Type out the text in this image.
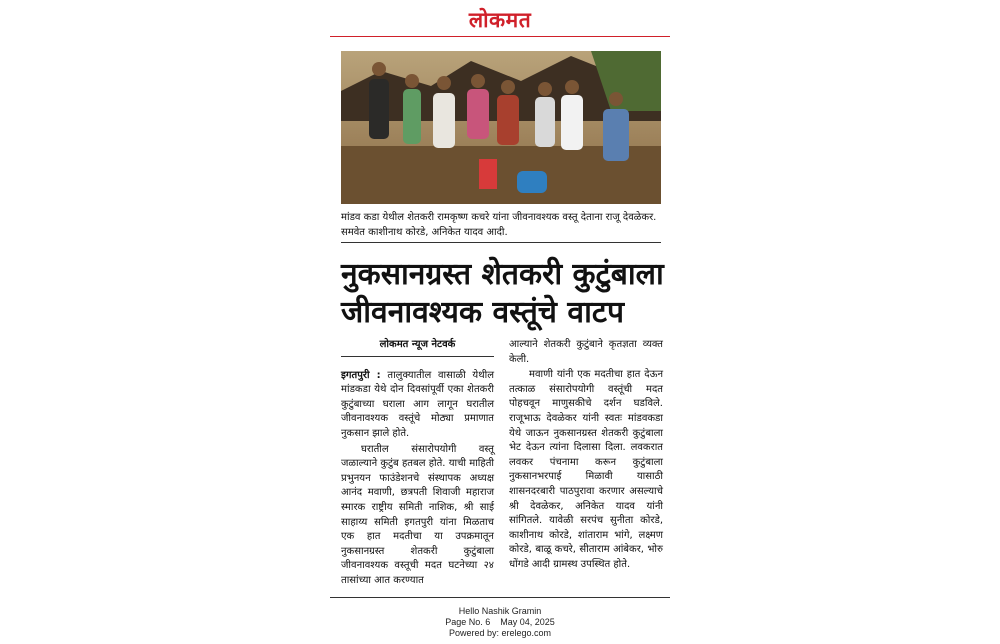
लोकमत
मांडव कडा येथील शेतकरी रामकृष्ण कचरे यांना जीवनावश्यक वस्तू देताना राजू देवळेकर. समवेत काशीनाथ कोरडे, अनिकेत यादव आदी.
नुकसानग्रस्त शेतकरी कुटुंबाला
जीवनावश्यक वस्तूंचे वाटप
लोकमत न्यूज नेटवर्क

इगतपुरी : तालुक्यातील वासाळी येथील मांडकडा येथे दोन दिवसांपूर्वी एका शेतकरी कुटुंबाच्या घराला आग लागून घरातील जीवनावश्यक वस्तूंचे मोठ्या प्रमाणात नुकसान झाले होते.

घरातील संसारोपयोगी वस्तू जळाल्याने कुटुंब हतबल होते. याची माहिती प्रभुनयन फाउंडेशनचे संस्थापक अध्यक्ष आनंद मवाणी, छत्रपती शिवाजी महाराज स्मारक राष्ट्रीय समिती नाशिक, श्री साई साहाय्य समिती इगतपुरी यांना मिळताच एक हात मदतीचा या उपक्रमातून नुकसानग्रस्त शेतकरी कुटुंबाला जीवनावश्यक वस्तूची मदत घटनेच्या २४ तासांच्या आत करण्यात

आल्याने शेतकरी कुटुंबाने कृतज्ञता व्यक्त केली.

मवाणी यांनी एक मदतीचा हात देऊन तत्काळ संसारोपयोगी वस्तूंची मदत पोहचवून माणुसकीचे दर्शन घडविले. राजूभाऊ देवळेकर यांनी स्वतः मांडवकडा येथे जाऊन नुकसानग्रस्त शेतकरी कुटुंबाला भेट देऊन त्यांना दिलासा दिला. लवकरात लवकर पंचनामा करून कुटुंबाला नुकसानभरपाई मिळावी यासाठी शासनदरबारी पाठपुरावा करणार असल्याचे श्री देवळेकर, अनिकेत यादव यांनी सांगितले. यावेळी सरपंच सुनीता कोरडे, काशीनाथ कोरडे, शांताराम भांगे, लक्ष्मण कोरडे, बाळू कचरे, सीताराम आंबेकर, भोरु धोंगडे आदी ग्रामस्थ उपस्थित होते.

Hello Nashik Gramin
Page No. 6    May 04, 2025
Powered by: erelego.com
